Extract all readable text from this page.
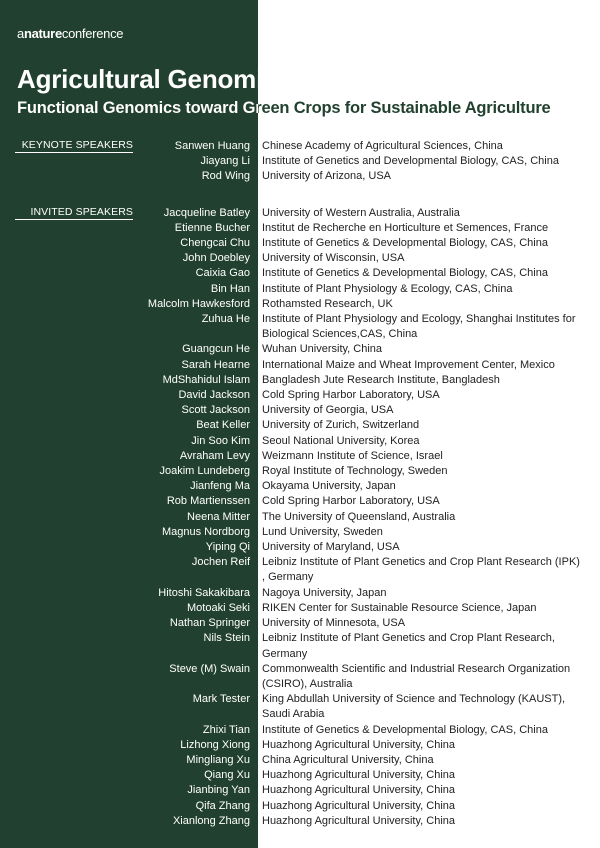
anatureconference
Agricultural Genomics 2017:
Functional Genomics toward Green Crops for Sustainable Agriculture
KEYNOTE SPEAKERS	Sanwen Huang Chinese Academy of Agricultural Sciences, China
Jiayang Li Institute of Genetics and Developmental Biology, CAS, China
Rod Wing University of Arizona, USA
INVITED SPEAKERS	Jacqueline Batley University of Western Australia, Australia
Etienne Bucher Institut de Recherche en Horticulture et Semences, France
Chengcai Chu Institute of Genetics & Developmental Biology, CAS, China
John Doebley University of Wisconsin, USA
Caixia Gao Institute of Genetics & Developmental Biology, CAS, China
Bin Han Institute of Plant Physiology & Ecology, CAS, China
Malcolm Hawkesford Rothamsted Research, UK
Zuhua He Institute of Plant Physiology and Ecology, Shanghai Institutes for Biological Sciences,CAS, China
Guangcun He Wuhan University, China
Sarah Hearne International Maize and Wheat Improvement Center, Mexico
MdShahidul Islam Bangladesh Jute Research Institute, Bangladesh
David Jackson Cold Spring Harbor Laboratory, USA
Scott Jackson University of Georgia, USA
Beat Keller University of Zurich, Switzerland
Jin Soo Kim Seoul National University, Korea
Avraham Levy Weizmann Institute of Science, Israel
Joakim Lundeberg Royal Institute of Technology, Sweden
Jianfeng Ma Okayama University, Japan
Rob Martienssen Cold Spring Harbor Laboratory, USA
Neena Mitter The University of Queensland, Australia
Magnus Nordborg Lund University, Sweden
Yiping Qi University of Maryland, USA
Jochen Reif Leibniz Institute of Plant Genetics and Crop Plant Research (IPK) , Germany
Hitoshi Sakakibara Nagoya University, Japan
Motoaki Seki RIKEN Center for Sustainable Resource Science, Japan
Nathan Springer University of Minnesota, USA
Nils Stein Leibniz Institute of Plant Genetics and Crop Plant Research, Germany
Steve (M) Swain Commonwealth Scientific and Industrial Research Organization (CSIRO), Australia
Mark Tester King Abdullah University of Science and Technology (KAUST), Saudi Arabia
Zhixi Tian Institute of Genetics & Developmental Biology, CAS, China
Lizhong Xiong Huazhong Agricultural University, China
Mingliang Xu China Agricultural University, China
Qiang Xu Huazhong Agricultural University, China
Jianbing Yan Huazhong Agricultural University, China
Qifa Zhang Huazhong Agricultural University, China
Xianlong Zhang Huazhong Agricultural University, China
